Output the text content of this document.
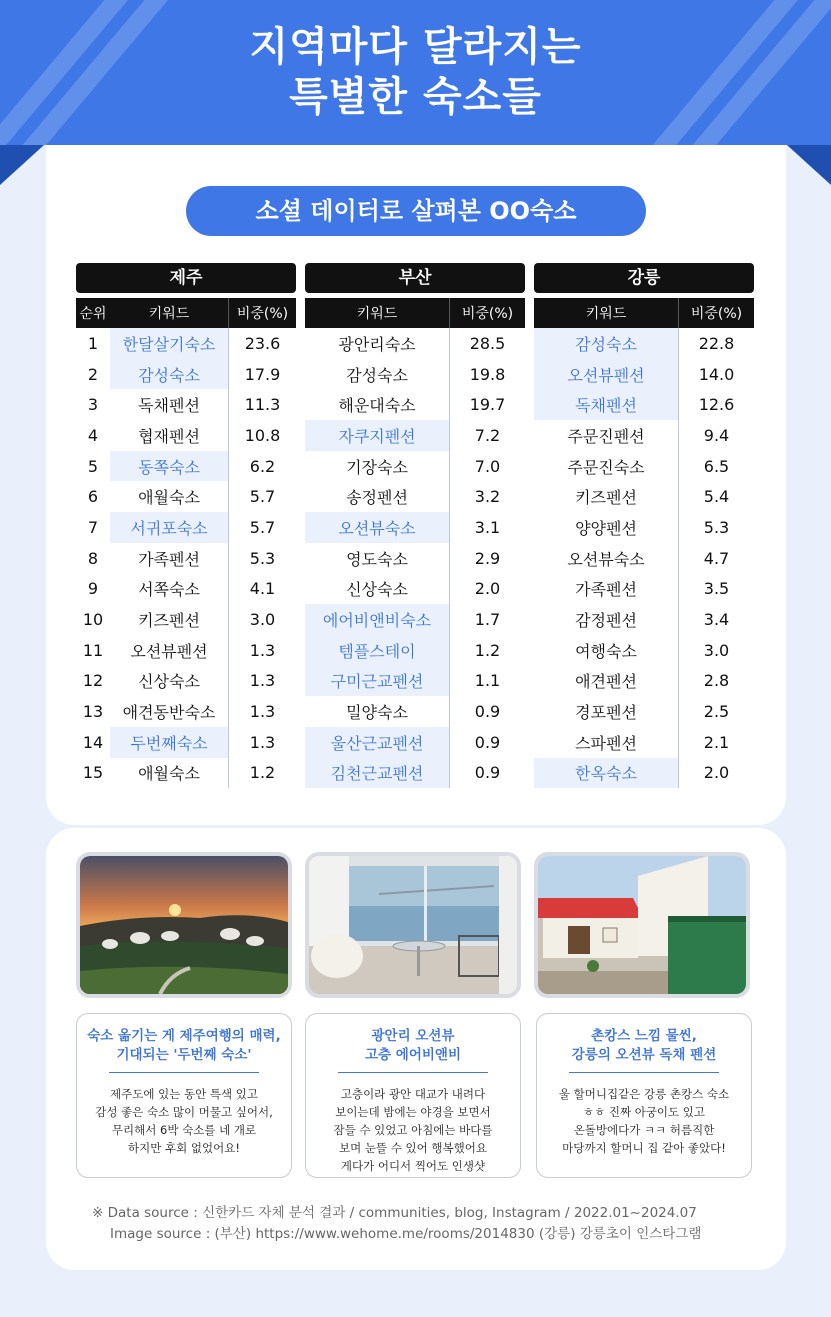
지역마다 달라지는
특별한 숙소들
소셜 데이터로 살펴본 OO숙소
제주
순위	키워드	비중(%)
1	한달살기숙소	23.6
2	감성숙소	17.9
3	독채펜션	11.3
4	협재펜션	10.8
5	동쪽숙소	6.2
6	애월숙소	5.7
7	서귀포숙소	5.7
8	가족펜션	5.3
9	서쪽숙소	4.1
10	키즈펜션	3.0
11	오션뷰펜션	1.3
12	신상숙소	1.3
13	애견동반숙소	1.3
14	두번째숙소	1.3
15	애월숙소	1.2
부산
키워드	비중(%)
광안리숙소	28.5
감성숙소	19.8
해운대숙소	19.7
자쿠지펜션	7.2
기장숙소	7.0
송정펜션	3.2
오션뷰숙소	3.1
영도숙소	2.9
신상숙소	2.0
에어비앤비숙소	1.7
템플스테이	1.2
구미근교펜션	1.1
밀양숙소	0.9
울산근교펜션	0.9
김천근교펜션	0.9
강릉
키워드	비중(%)
감성숙소	22.8
오션뷰펜션	14.0
독채펜션	12.6
주문진펜션	9.4
주문진숙소	6.5
키즈펜션	5.4
양양펜션	5.3
오션뷰숙소	4.7
가족펜션	3.5
감정펜션	3.4
여행숙소	3.0
애견펜션	2.8
경포펜션	2.5
스파펜션	2.1
한옥숙소	2.0
숙소 옮기는 게 제주여행의 매력,
기대되는 '두번째 숙소'
제주도에 있는 동안 특색 있고
감성 좋은 숙소 많이 머물고 싶어서,
무리해서 6박 숙소를 네 개로
하지만 후회 없었어요!
광안리 오션뷰
고층 에어비앤비
고층이라 광안 대교가 내려다
보이는데 밤에는 야경을 보면서
잠들 수 있었고 아침에는 바다를
보며 눈뜰 수 있어 행복했어요
게다가 어디서 찍어도 인생샷
촌캉스 느낌 물씬,
강릉의 오션뷰 독채 펜션
울 할머니집같은 강릉 촌캉스 숙소
ㅎㅎ 진짜 아궁이도 있고
온돌방에다가 ㅋㅋ 허름직한
마당까지 할머니 집 같아 좋았다!
※ Data source : 신한카드 자체 분석 결과 / communities, blog, Instagram / 2022.01~2024.07
Image source : (부산) https://www.wehome.me/rooms/2014830 (강릉) 강릉초이 인스타그램
